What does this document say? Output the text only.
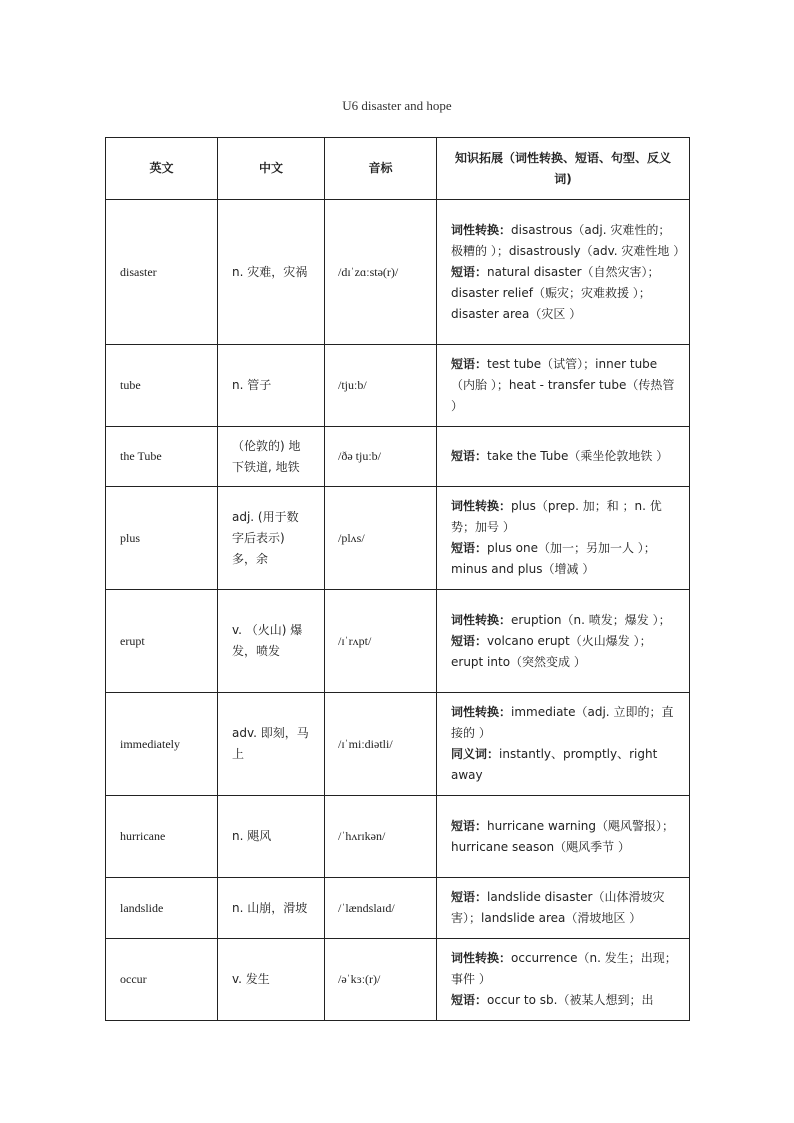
U6 disaster and hope
英文	中文	音标	知识拓展（词性转换、短语、句型、反义词)
disaster	n. 灾难，灾祸	/dɪˈzɑːstə(r)/	词性转换：disastrous（adj. 灾难性的；极糟的 ）；disastrously（adv. 灾难性地 ）
短语：natural disaster（自然灾害）；disaster relief（赈灾；灾难救援 ）；disaster area（灾区 ）

tube	n. 管子	/tjuːb/	短语：test tube（试管）；inner tube（内胎 ）；heat - transfer tube（传热管 ）

the Tube	（伦敦的) 地下铁道, 地铁	/ðə tjuːb/	短语：take the Tube（乘坐伦敦地铁 ）

plus	adj. (用于数字后表示) 多，余	/plʌs/	词性转换：plus（prep. 加；和 ；n. 优势；加号 ）
短语：plus one（加一；另加一人 ）；minus and plus（增减 ）

erupt	v. （火山) 爆发，喷发	/ɪˈrʌpt/	词性转换：eruption（n. 喷发；爆发 ）；
短语：volcano erupt（火山爆发 ）；erupt into（突然变成 ）

immediately	adv. 即刻，马上	/ɪˈmiːdiətli/	词性转换：immediate（adj. 立即的；直接的 ）
同义词：instantly、promptly、right away

hurricane	n. 飓风	/ˈhʌrɪkən/	短语：hurricane warning（飓风警报）；hurricane season（飓风季节 ）

landslide	n. 山崩，滑坡	/ˈlændslaɪd/	短语：landslide disaster（山体滑坡灾害）；landslide area（滑坡地区 ）

occur	v. 发生	/əˈkɜː(r)/	词性转换：occurrence（n. 发生；出现；事件 ）
短语：occur to sb.（被某人想到；出
